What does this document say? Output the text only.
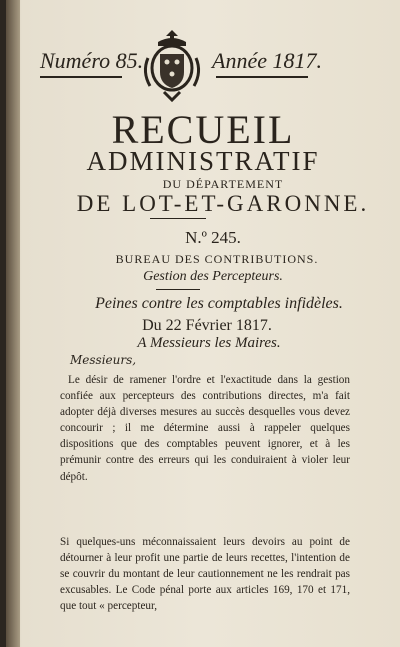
Numéro 85.	Année 1817.
RECUEIL
ADMINISTRATIF
DU DÉPARTEMENT
DE LOT-ET-GARONNE.
N.º 245.
BUREAU DES CONTRIBUTIONS.
Gestion des Percepteurs.
Peines contre les comptables infidèles.
Du 22 Février 1817.
A Messieurs les Maires.
Messieurs,
Le désir de ramener l'ordre et l'exactitude dans la gestion confiée aux percepteurs des contributions directes, m'a fait adopter déjà diverses mesures au succès desquelles vous devez concourir ; il me détermine aussi à rappeler quelques dispositions que des comptables peuvent ignorer, et à les prémunir contre des erreurs qui les conduiraient à violer leur dépôt.
Si quelques-uns méconnaissaient leurs devoirs au point de détourner à leur profit une partie de leurs recettes, l'intention de se couvrir du montant de leur cautionnement ne les rendrait pas excusables. Le Code pénal porte aux articles 169, 170 et 171, que tout « percepteur,
